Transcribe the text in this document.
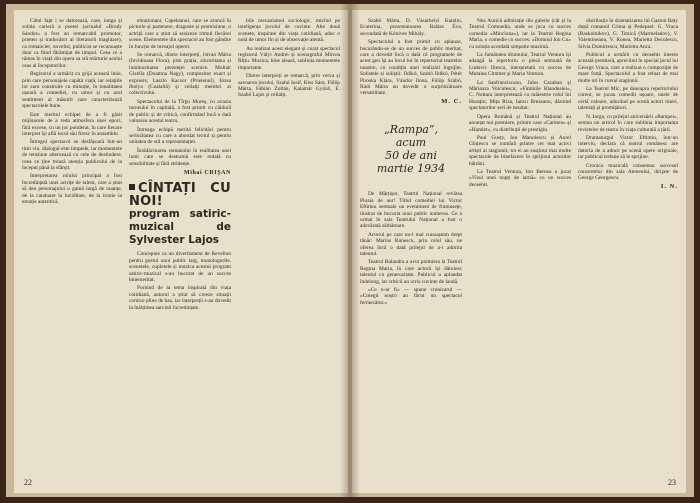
Câtui fapt i se datorează, care, iunga și solida carieră a poetei (actualul «Brody Sándor» a fost un remarcabil promotor, prieten și traducător al literaturii maghiare), ca romancier, novelist, publicist se recunoaște doar ca fiind fărâmițat de timpul. Ceea ce a rămas în viață din opera sa stă mărturie acelui ceas al începuturilor.

Regizorul a urmărit cu grijă această linie, prin care personajele capătă viață, iar relațiile lor sunt construite cu minuție, în tonalitatea ușoară a comediei, cu umor și cu acel sentiment al măsurii care caracterizează spectacolele bune.

Este meritul echipei de a fi găsit mijloacele de a reda atmosfera unei epoci, fără excese, cu un joc ponderat, în care fiecare interpret își află locul său firesc în ansamblu.

Întregul spectacol se desfășoară într-un ritm viu, dialogul este limpede, iar momentele de tensiune alternează cu cele de destindere, ceea ce ține trează atenția publicului de la început până la sfârșit.

Interpretarea rolului principal a fost încredințată unei actrițe de talent, care a știut să dea personajului o gamă largă de nuanțe, de la candoare la luciditate, de la ironie la emoție autentică.

emoționant, Capeleanul, care se aruncă în pictorie și partenere, dragoste și promisiune, o actriță care a știut să sesizeze ritmul fiecărei scene. Elementele din spectacol au fost gândite în funcție de mesajul operei.

Se remarcă, dintre interpreți, Istvan Márta (Invidioasa Flora), prin grația, sinceritatea și luminozitatea prezenței scenice. Molnár Gizella (Doamna Nagy), compozitor exact și expresiv, Laszlo Kacsor (Prietenul), Józsa Ibolya (Cealaltă) și ceilalți membri ai colectivului.

Spectacolul de la Tîrgu Mureș, cu ocazia turneului în capitală, a fost primit cu căldură de public și de critică, confirmând încă o dată valoarea acestui teatru.

Întreaga echipă merită felicitări pentru seriozitatea cu care a abordat textul și pentru unitatea de stil a reprezentației.

Înrădăcinarea romanului în realitatea unei lumi care se destramă este redată cu sensibilitate și fără stridențe.

Mihai CRIȘAN
CÎNTAȚI CU NOI!
program satiric-muzical de Sylvester Lajos

Concepute ca un divertisment de Revelion pentru gustul unui public larg, monologurile, scenetele, cupletele și muzica acestui program satiric-muzical s-au bucurat de un succes binemeritat.

Pornind de la tema inspirată din viața cotidiană, autorul a știut să creeze situații comice pline de haz, iar interpreții s-au dovedit la înălțimea sarcinii încredințate.

bile mecanismul sociologic, mizînd pe inteligența jocului de cuvinte. Alte două scenete, inspirate din viața cotidiană, aduc o notă de umor fin și de observație atentă.

Au realizat acest elegant și curat spectacol regizorul Vályi Andrei și scenograful Mircea Rîțiu. Muzica, bine aleasă, sublinia momentele importante.

Dintre interpreți se remarcă, prin verva și savoarea jocului, Szabó Iosif, Kiss Sára, Fülöp Márta, Fábián Zoltán, Kalamár Győző, E. Szabó Lajos și ceilalți.

22

Szabó Márta, D. Vásárhelyi Katalin, Ecaterina, prezentatoarea Balázs Éva, secondată de Kónives Mihály.

Spectacolul a fost primit cu aplauze, bucurându-se de un succes de public meritat, care a dovedit încă o dată că programele de acest gen își au locul lor în repertoriul teatrelor noastre, cu condiția unei realizări îngrijite. Solistele și soliștii: Ildikó, Szabó Ildikó, Pétér Piroska Klára, Vándor Ilona, Fülöp Szabó, Rádi Márta au dovedit o surprinzătoare versatilitate.

M. C.
„Rampa”,
acum
50 de ani
martie 1934

De Mărțișor, Teatrul Național revărsa Ploaia de aur! Titlul comediei lui Victor Eftimiu semnale un eveniment de frumusețe, ilustrat de bucuria unui public numeros. Ce a urmat în sala Teatrului Național a fost o adevărată sărbătoare.

Actorul pe care nu-l mai cunoaștem drept tânăr: Marius Bunescu, prin rolul său, ne oferea încă o dată prilejul de a-i admira talentul.

Teatrul Bulandra a avut premiera la Teatrul Regina Maria, în care actorii își dăruiesc talentul cu generozitate. Publicul a aplaudat îndelung, iar criticii au scris cuvinte de laudă.

«Ce n-ar fi» — spune cronicarul — «Colegii noștri au făcut un spectacol fermecător.»

Nea Aurică admirație din galerie (cât și la Teatrul Comoedia, unde se juca cu succes comedia «Minciuna»), iar la Teatrul Regina Maria, o comedie cu succes: «Domnul Ion Cu» cu soluția acordată simpatie maximă.

La Jumătatea drumului, Teatrul Ventura își adaugă la repertoriu o piesă semnată de Ludovic Iliescu, interpretată cu succes de Mutalea Cimmer și Maria Ventura.

La Sanfranciscano, Jules Cazaban și Mărioara Voiculescu; «Fintinile Blandusiei», C. Nottara interpretează cu măiestrie rolul lui Horațiu; Mița Riza, Iancu Brezeanu, dăruind spectatorilor seri de neuitat.

Opera Română și Teatrul Național au anunțat noi premiere, printre care «Carmen» și «Hamlet», cu distribuții de prestigiu.

Paul Gusty, Ion Manolescu și Aurel Ghițescu se numără printre cei mai activi artiști ai stagiunii; tot ei au susținut mai multe spectacole de binefacere în sprijinul actorilor bătrâni.

La Teatrul Ventura, Ion Bernea a jucat «Visul unei nopți de iarnă» cu un succes deosebit.

distribuție în dramatizarea lui Gaston Baty după romanul Crima și Pedepsei: G. Vraca (Raskolnikov), G. Timică (Marmeladov), V. Valentineanu, V. Ronea, Marietta Deculescu, Silvia Dumitrescu, Marietta Anca.

Publicul a urmărit cu deosebit interes această premieră, apreciind în special jocul lui George Vraca, care a realizat o compoziție de mare forță. Spectacolul a fost reluat de mai multe ori în cursul stagiunii.

La Teatrul Mic, pe deasupra repertoriului curent, se jucau comedii ușoare, unele de certă valoare, aducând pe scenă actori tineri, talentați și promițători.

N. Iorga, cu prilejul aniversării «Rampei», semna un articol în care sublinia importanța revistelor de teatru în viața culturală a țării.

Dramaturgul Victor Eftimiu, într-un interviu, declara că teatrul românesc are datoria de a aduce pe scenă opere originale, iar publicul trebuie să le sprijine.

Cronica muzicală consemna succesul concertelor din sala Ateneului, dirijate de George Georgescu.

I. N.
23
